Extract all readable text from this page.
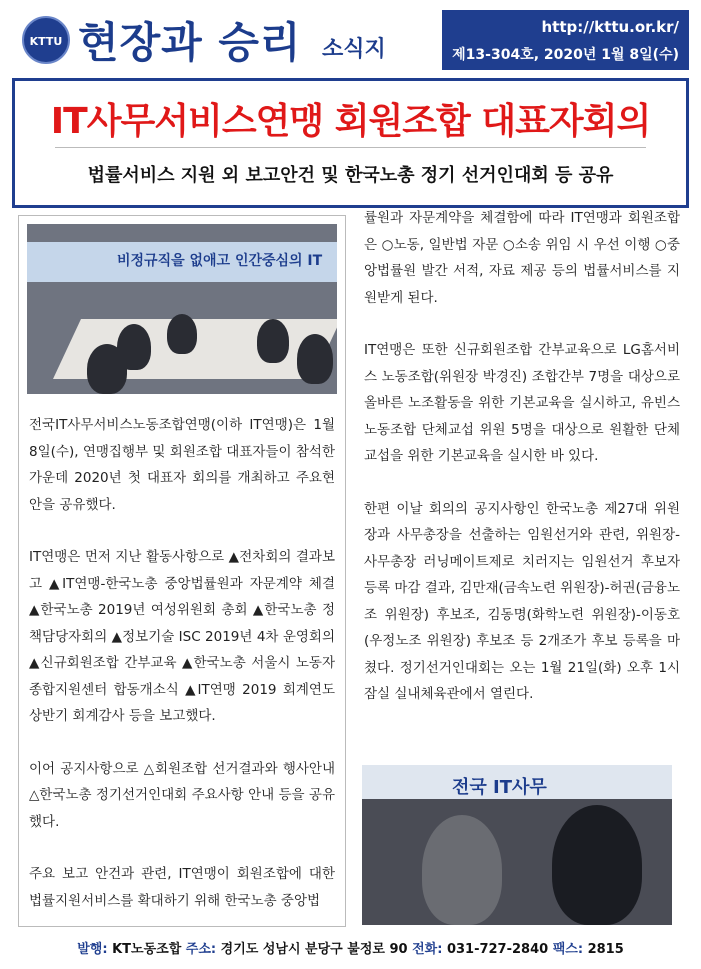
KTTU 현장과 승리 소식지
http://kttu.or.kr/
제13-304호, 2020년 1월 8일(수)
IT사무서비스연맹 회원조합 대표자회의
법률서비스 지원 외 보고안건 및 한국노총 정기 선거인대회 등 공유
비정규직을 없애고 인간중심의 IT

전국IT사무서비스노동조합연맹(이하 IT연맹)은 1월 8일(수), 연맹집행부 및 회원조합 대표자들이 참석한 가운데 2020년 첫 대표자 회의를 개최하고 주요현안을 공유했다.

IT연맹은 먼저 지난 활동사항으로 ▲전차회의 결과보고 ▲IT연맹-한국노총 중앙법률원과 자문계약 체결 ▲한국노총 2019년 여성위원회 총회 ▲한국노총 정책담당자회의 ▲정보기술 ISC 2019년 4차 운영회의 ▲신규회원조합 간부교육 ▲한국노총 서울시 노동자 종합지원센터 합동개소식 ▲IT연맹 2019 회계연도 상반기 회계감사 등을 보고했다.

이어 공지사항으로 △회원조합 선거결과와 행사안내 △한국노총 정기선거인대회 주요사항 안내 등을 공유했다.

주요 보고 안건과 관련, IT연맹이 회원조합에 대한 법률지원서비스를 확대하기 위해 한국노총 중앙법

률원과 자문계약을 체결함에 따라 IT연맹과 회원조합은 ○노동, 일반법 자문 ○소송 위임 시 우선 이행 ○중앙법률원 발간 서적, 자료 제공 등의 법률서비스를 지원받게 된다.

IT연맹은 또한 신규회원조합 간부교육으로 LG홈서비스 노동조합(위원장 박경진) 조합간부 7명을 대상으로 올바른 노조활동을 위한 기본교육을 실시하고, 유빈스 노동조합 단체교섭 위원 5명을 대상으로 원활한 단체교섭을 위한 기본교육을 실시한 바 있다.

한편 이날 회의의 공지사항인 한국노총 제27대 위원장과 사무총장을 선출하는 임원선거와 관련, 위원장-사무총장 러닝메이트제로 치러지는 임원선거 후보자 등록 마감 결과, 김만재(금속노련 위원장)-허권(금융노조 위원장) 후보조, 김동명(화학노련 위원장)-이동호(우정노조 위원장) 후보조 등 2개조가 후보 등록을 마쳤다. 정기선거인대회는 오는 1월 21일(화) 오후 1시 잠실 실내체육관에서 열린다.

전국 IT사무
발행: KT노동조합 주소: 경기도 성남시 분당구 불정로 90 전화: 031-727-2840 팩스: 2815
